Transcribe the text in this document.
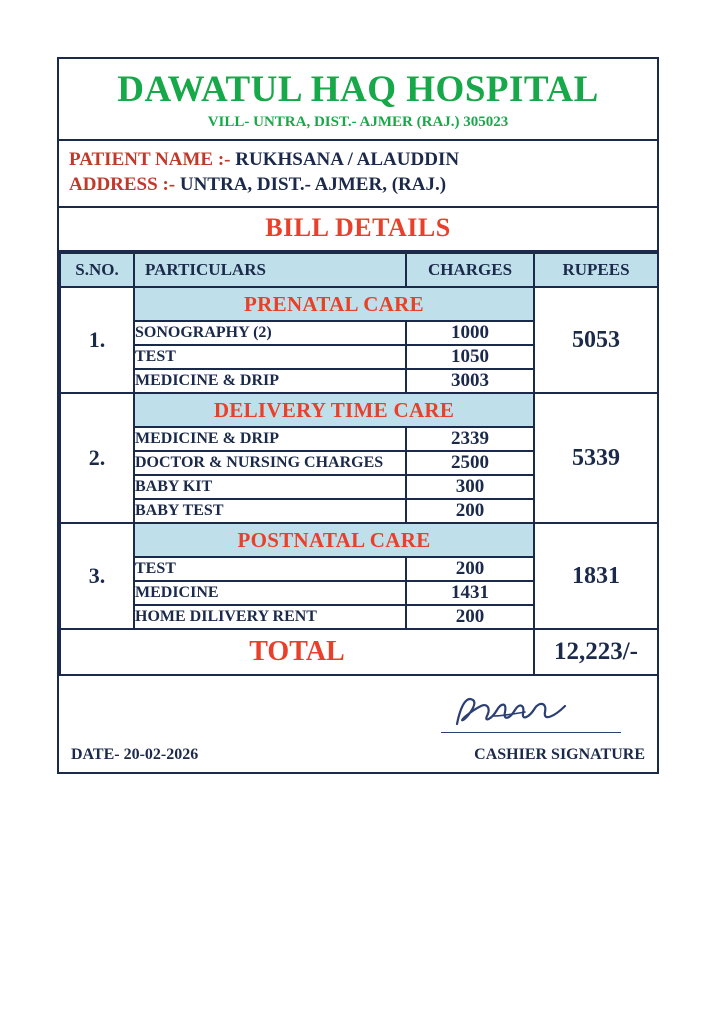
DAWATUL HAQ HOSPITAL
VILL- UNTRA, DIST.- AJMER (RAJ.) 305023
PATIENT NAME :- RUKHSANA / ALAUDDIN
ADDRESS :- UNTRA, DIST.- AJMER, (RAJ.)
BILL DETAILS
S.NO.	PARTICULARS	CHARGES	RUPEES
1.	PRENATAL CARE		5053
	SONOGRAPHY (2)	1000	
	TEST	1050	
	MEDICINE & DRIP	3003	
2.	DELIVERY TIME CARE		5339
	MEDICINE & DRIP	2339	
	DOCTOR & NURSING CHARGES	2500	
	BABY KIT	300	
	BABY TEST	200	
3.	POSTNATAL CARE		1831
	TEST	200	
	MEDICINE	1431	
	HOME DILIVERY RENT	200	
TOTAL			12,223/-
DATE- 20-02-2026	CASHIER SIGNATURE
